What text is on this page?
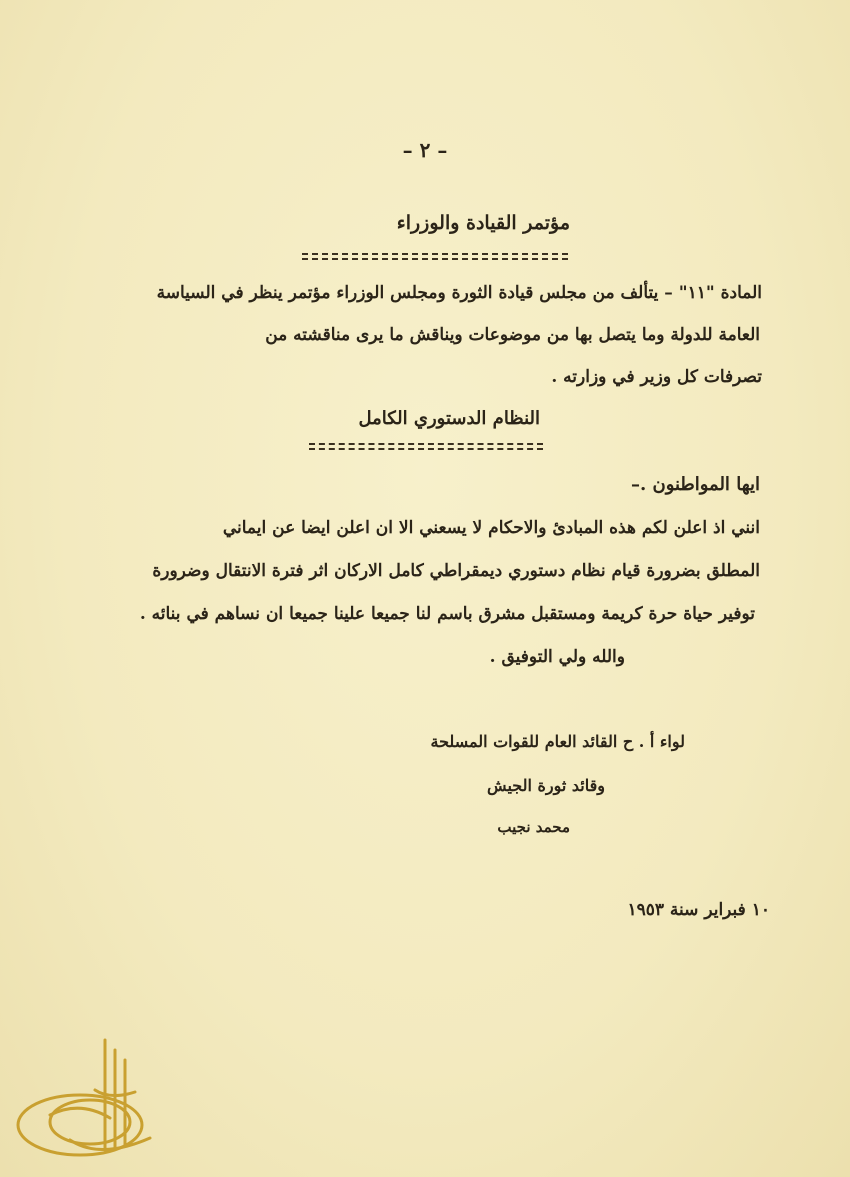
– ٢ –
مؤتمر القيادة والوزراء
المادة "١١" – يتألف من مجلس قيادة الثورة ومجلس الوزراء مؤتمر ينظر في السياسة
العامة للدولة وما يتصل بها من موضوعات ويناقش ما يرى مناقشته من
تصرفات كل وزير في وزارته .
النظام الدستوري الكامل
ايها المواطنون .–
انني اذ اعلن لكم هذه المبادئ والاحكام لا يسعني الا ان اعلن ايضا عن ايماني
المطلق بضرورة قيام نظام دستوري ديمقراطي كامل الاركان اثر فترة الانتقال وضرورة
توفير حياة حرة كريمة ومستقبل مشرق باسم لنا جميعا علينا جميعا ان نساهم في بنائه .
والله ولي التوفيق .
لواء أ . ح القائد العام للقوات المسلحة
وقائد ثورة الجيش
محمد نجيب
١٠ فبراير سنة ١٩٥٣
